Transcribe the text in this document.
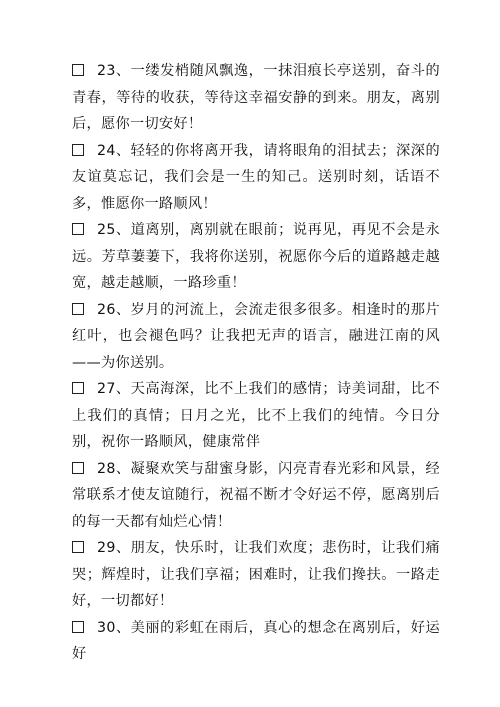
23、一缕发梢随风飘逸，一抹泪痕长亭送别，奋斗的青春，等待的收获，等待这幸福安静的到来。朋友，离别后，愿你一切安好！

24、轻轻的你将离开我，请将眼角的泪拭去；深深的友谊莫忘记，我们会是一生的知己。送别时刻，话语不多，惟愿你一路顺风！

25、道离别，离别就在眼前；说再见，再见不会是永远。芳草萋萋下，我将你送别，祝愿你今后的道路越走越宽，越走越顺，一路珍重！

26、岁月的河流上，会流走很多很多。相逢时的那片红叶，也会褪色吗？让我把无声的语言，融进江南的风——为你送别。

27、天高海深，比不上我们的感情；诗美词甜，比不上我们的真情；日月之光，比不上我们的纯情。今日分别，祝你一路顺风，健康常伴

28、凝聚欢笑与甜蜜身影，闪亮青春光彩和风景，经常联系才使友谊随行，祝福不断才令好运不停，愿离别后的每一天都有灿烂心情！

29、朋友，快乐时，让我们欢度；悲伤时，让我们痛哭；辉煌时，让我们享福；困难时，让我们搀扶。一路走好，一切都好！

30、美丽的彩虹在雨后，真心的想念在离别后，好运好
